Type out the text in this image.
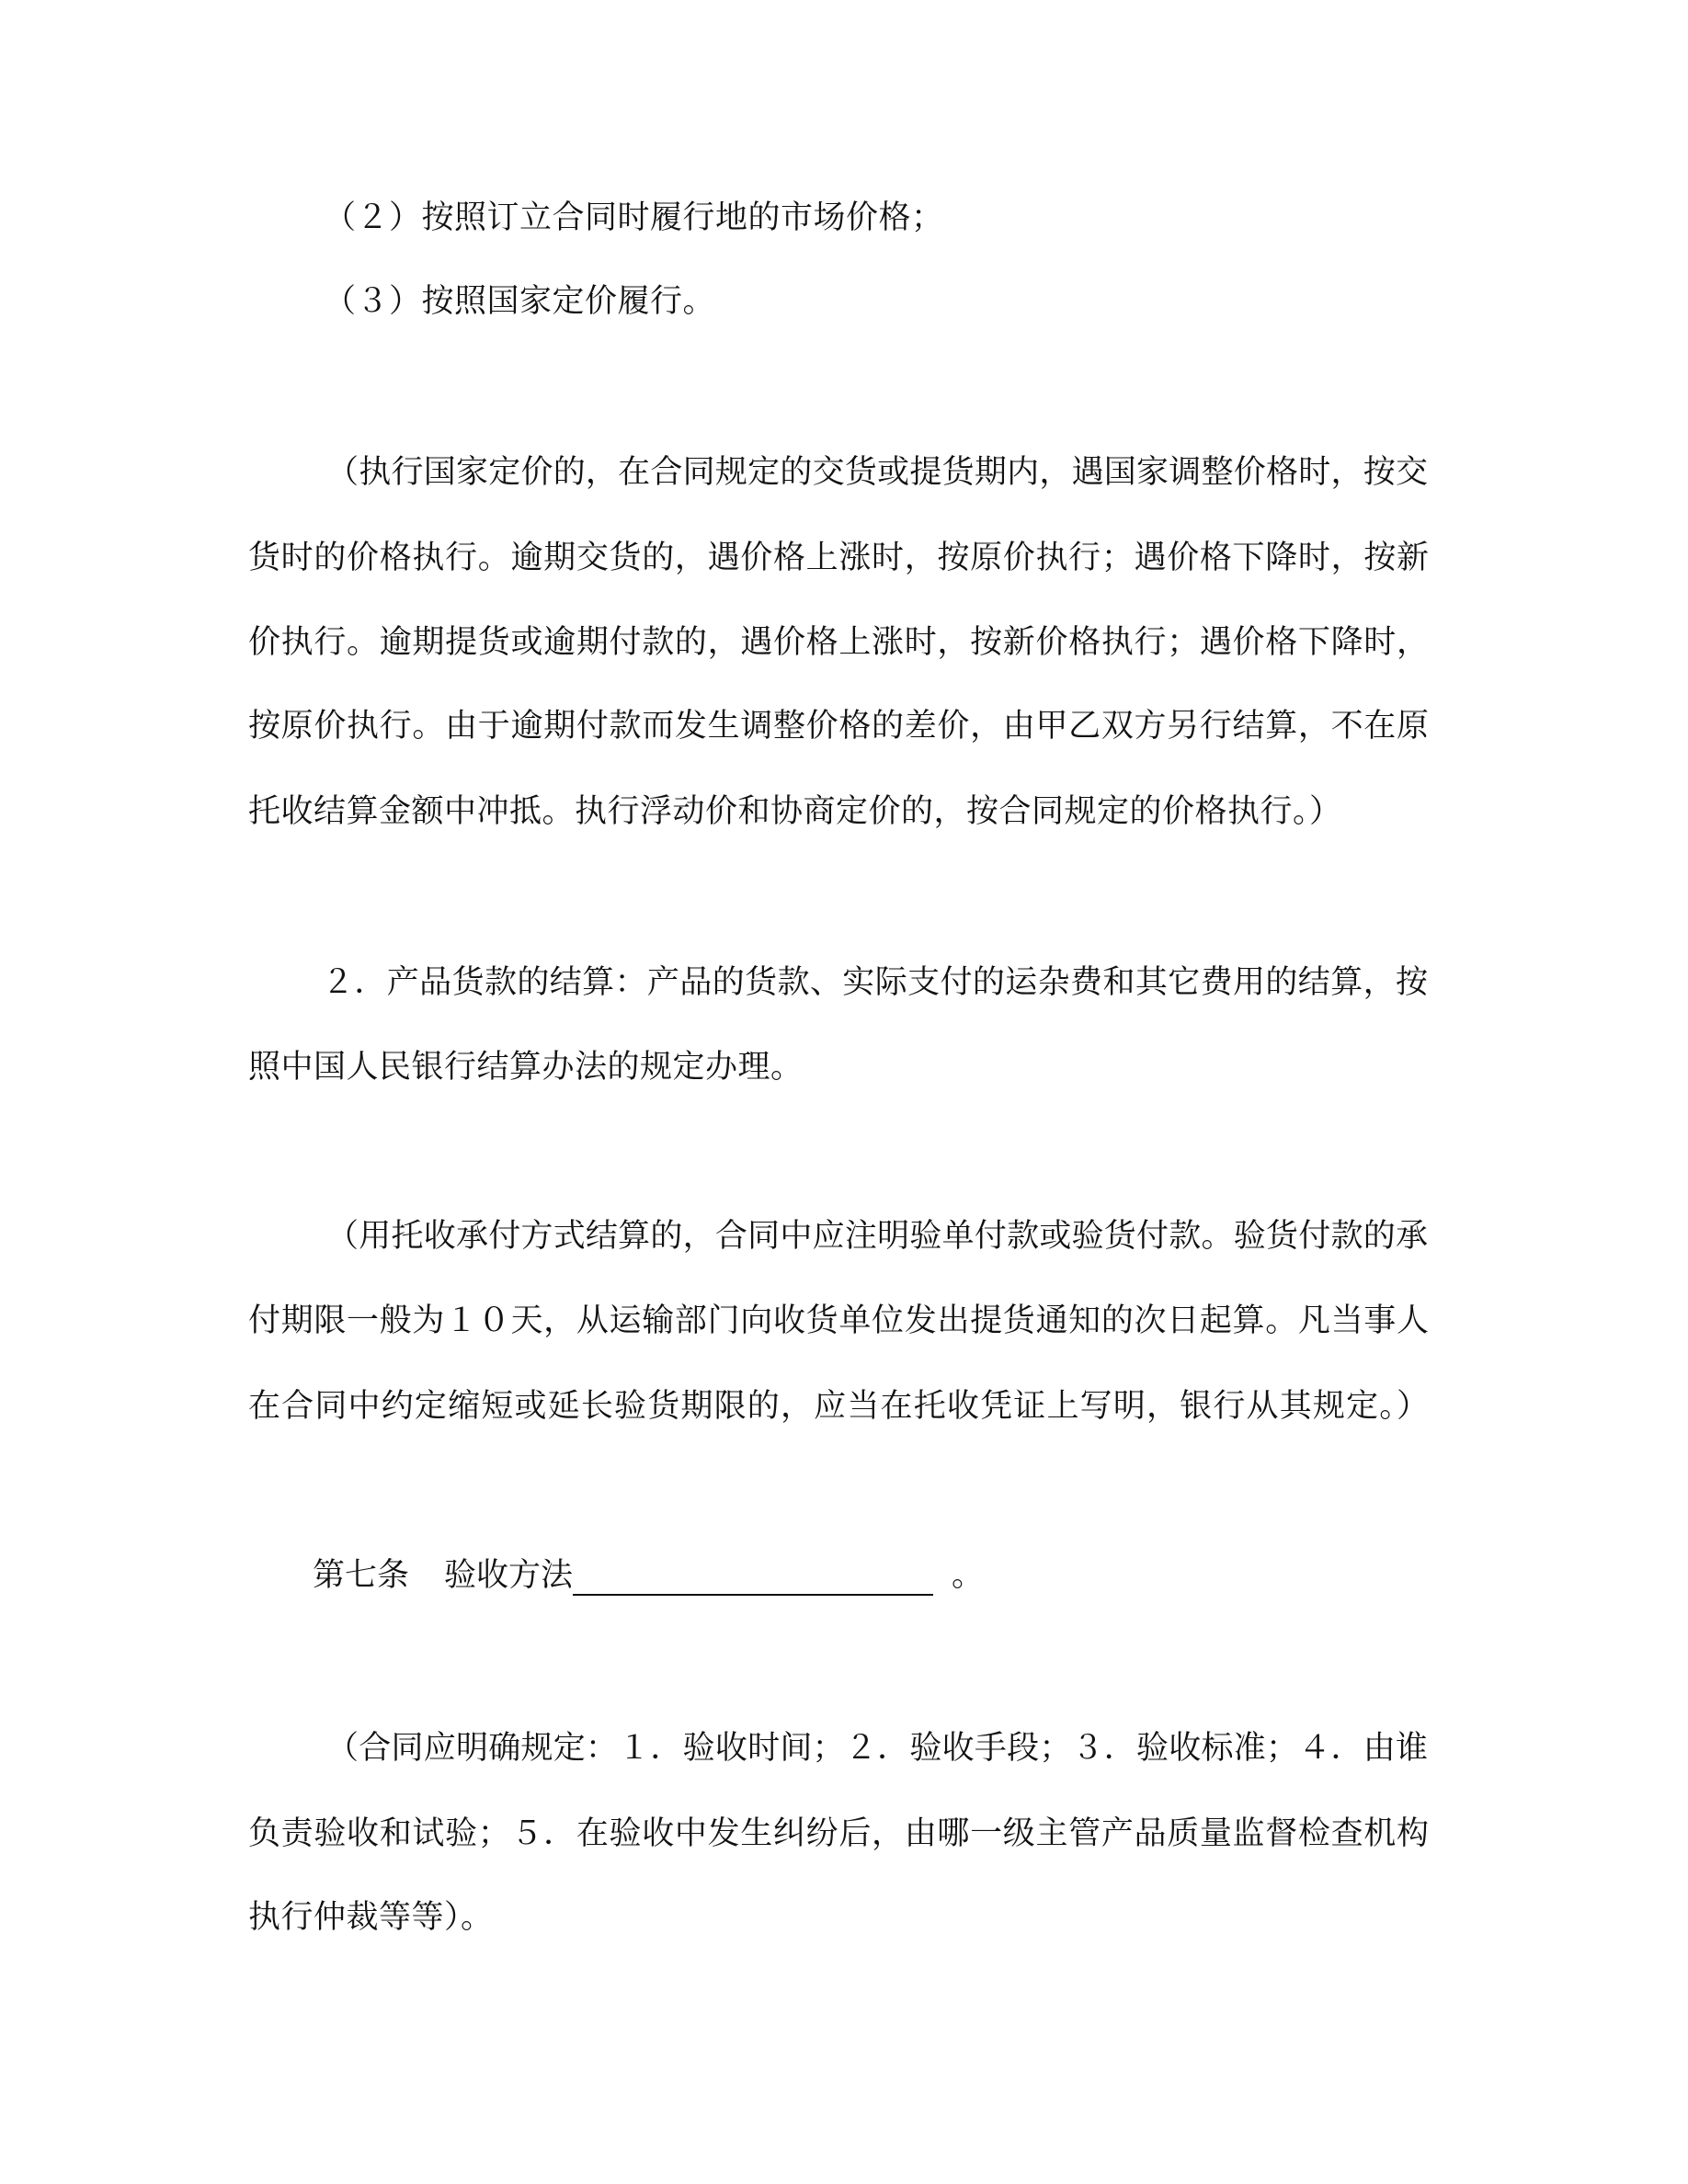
（２）按照订立合同时履行地的市场价格；
（３）按照国家定价履行。
（执行国家定价的，在合同规定的交货或提货期内，遇国家调整价格时，按交
货时的价格执行。逾期交货的，遇价格上涨时，按原价执行；遇价格下降时，按新
价执行。逾期提货或逾期付款的，遇价格上涨时，按新价格执行；遇价格下降时，
按原价执行。由于逾期付款而发生调整价格的差价，由甲乙双方另行结算，不在原
托收结算金额中冲抵。执行浮动价和协商定价的，按合同规定的价格执行。）
２．产品货款的结算：产品的货款、实际支付的运杂费和其它费用的结算，按
照中国人民银行结算办法的规定办理。
（用托收承付方式结算的，合同中应注明验单付款或验货付款。验货付款的承
付期限一般为１０天，从运输部门向收货单位发出提货通知的次日起算。凡当事人
在合同中约定缩短或延长验货期限的，应当在托收凭证上写明，银行从其规定。）
第七条 验收方法	。
（合同应明确规定：１．验收时间；２．验收手段；３．验收标准；４．由谁
负责验收和试验；５．在验收中发生纠纷后，由哪一级主管产品质量监督检查机构
执行仲裁等等）。
